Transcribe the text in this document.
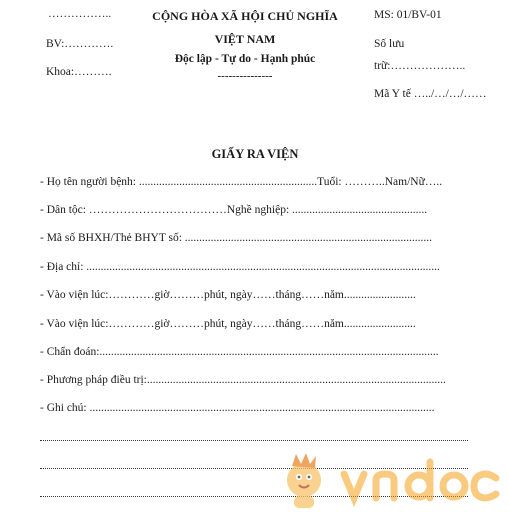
……………..
BV:………….
Khoa:……….
CỘNG HÒA XÃ HỘI CHỦ NGHĨA
VIỆT NAM
Độc lập - Tự do - Hạnh phúc
---------------
MS: 01/BV-01
Số lưu
trữ:………………..
Mã Y tế …../…/…/……
GIẤY RA VIỆN
- Họ tên người bệnh: ..............................................................Tuổi: ………..Nam/Nữ…..
- Dân tộc: ………………………………Nghề nghiệp: ...............................................
- Mã số BHXH/Thẻ BHYT số: ......................................................................................
- Địa chỉ: ...........................................................................................................................
- Vào viện lúc:…………giờ………phút, ngày……tháng……năm.........................
- Vào viện lúc:…………giờ………phút, ngày……tháng……năm.........................
- Chẩn đoán:......................................................................................................................
- Phương pháp điều trị:........................................................................................................
- Ghi chú: ........................................................................................................................
